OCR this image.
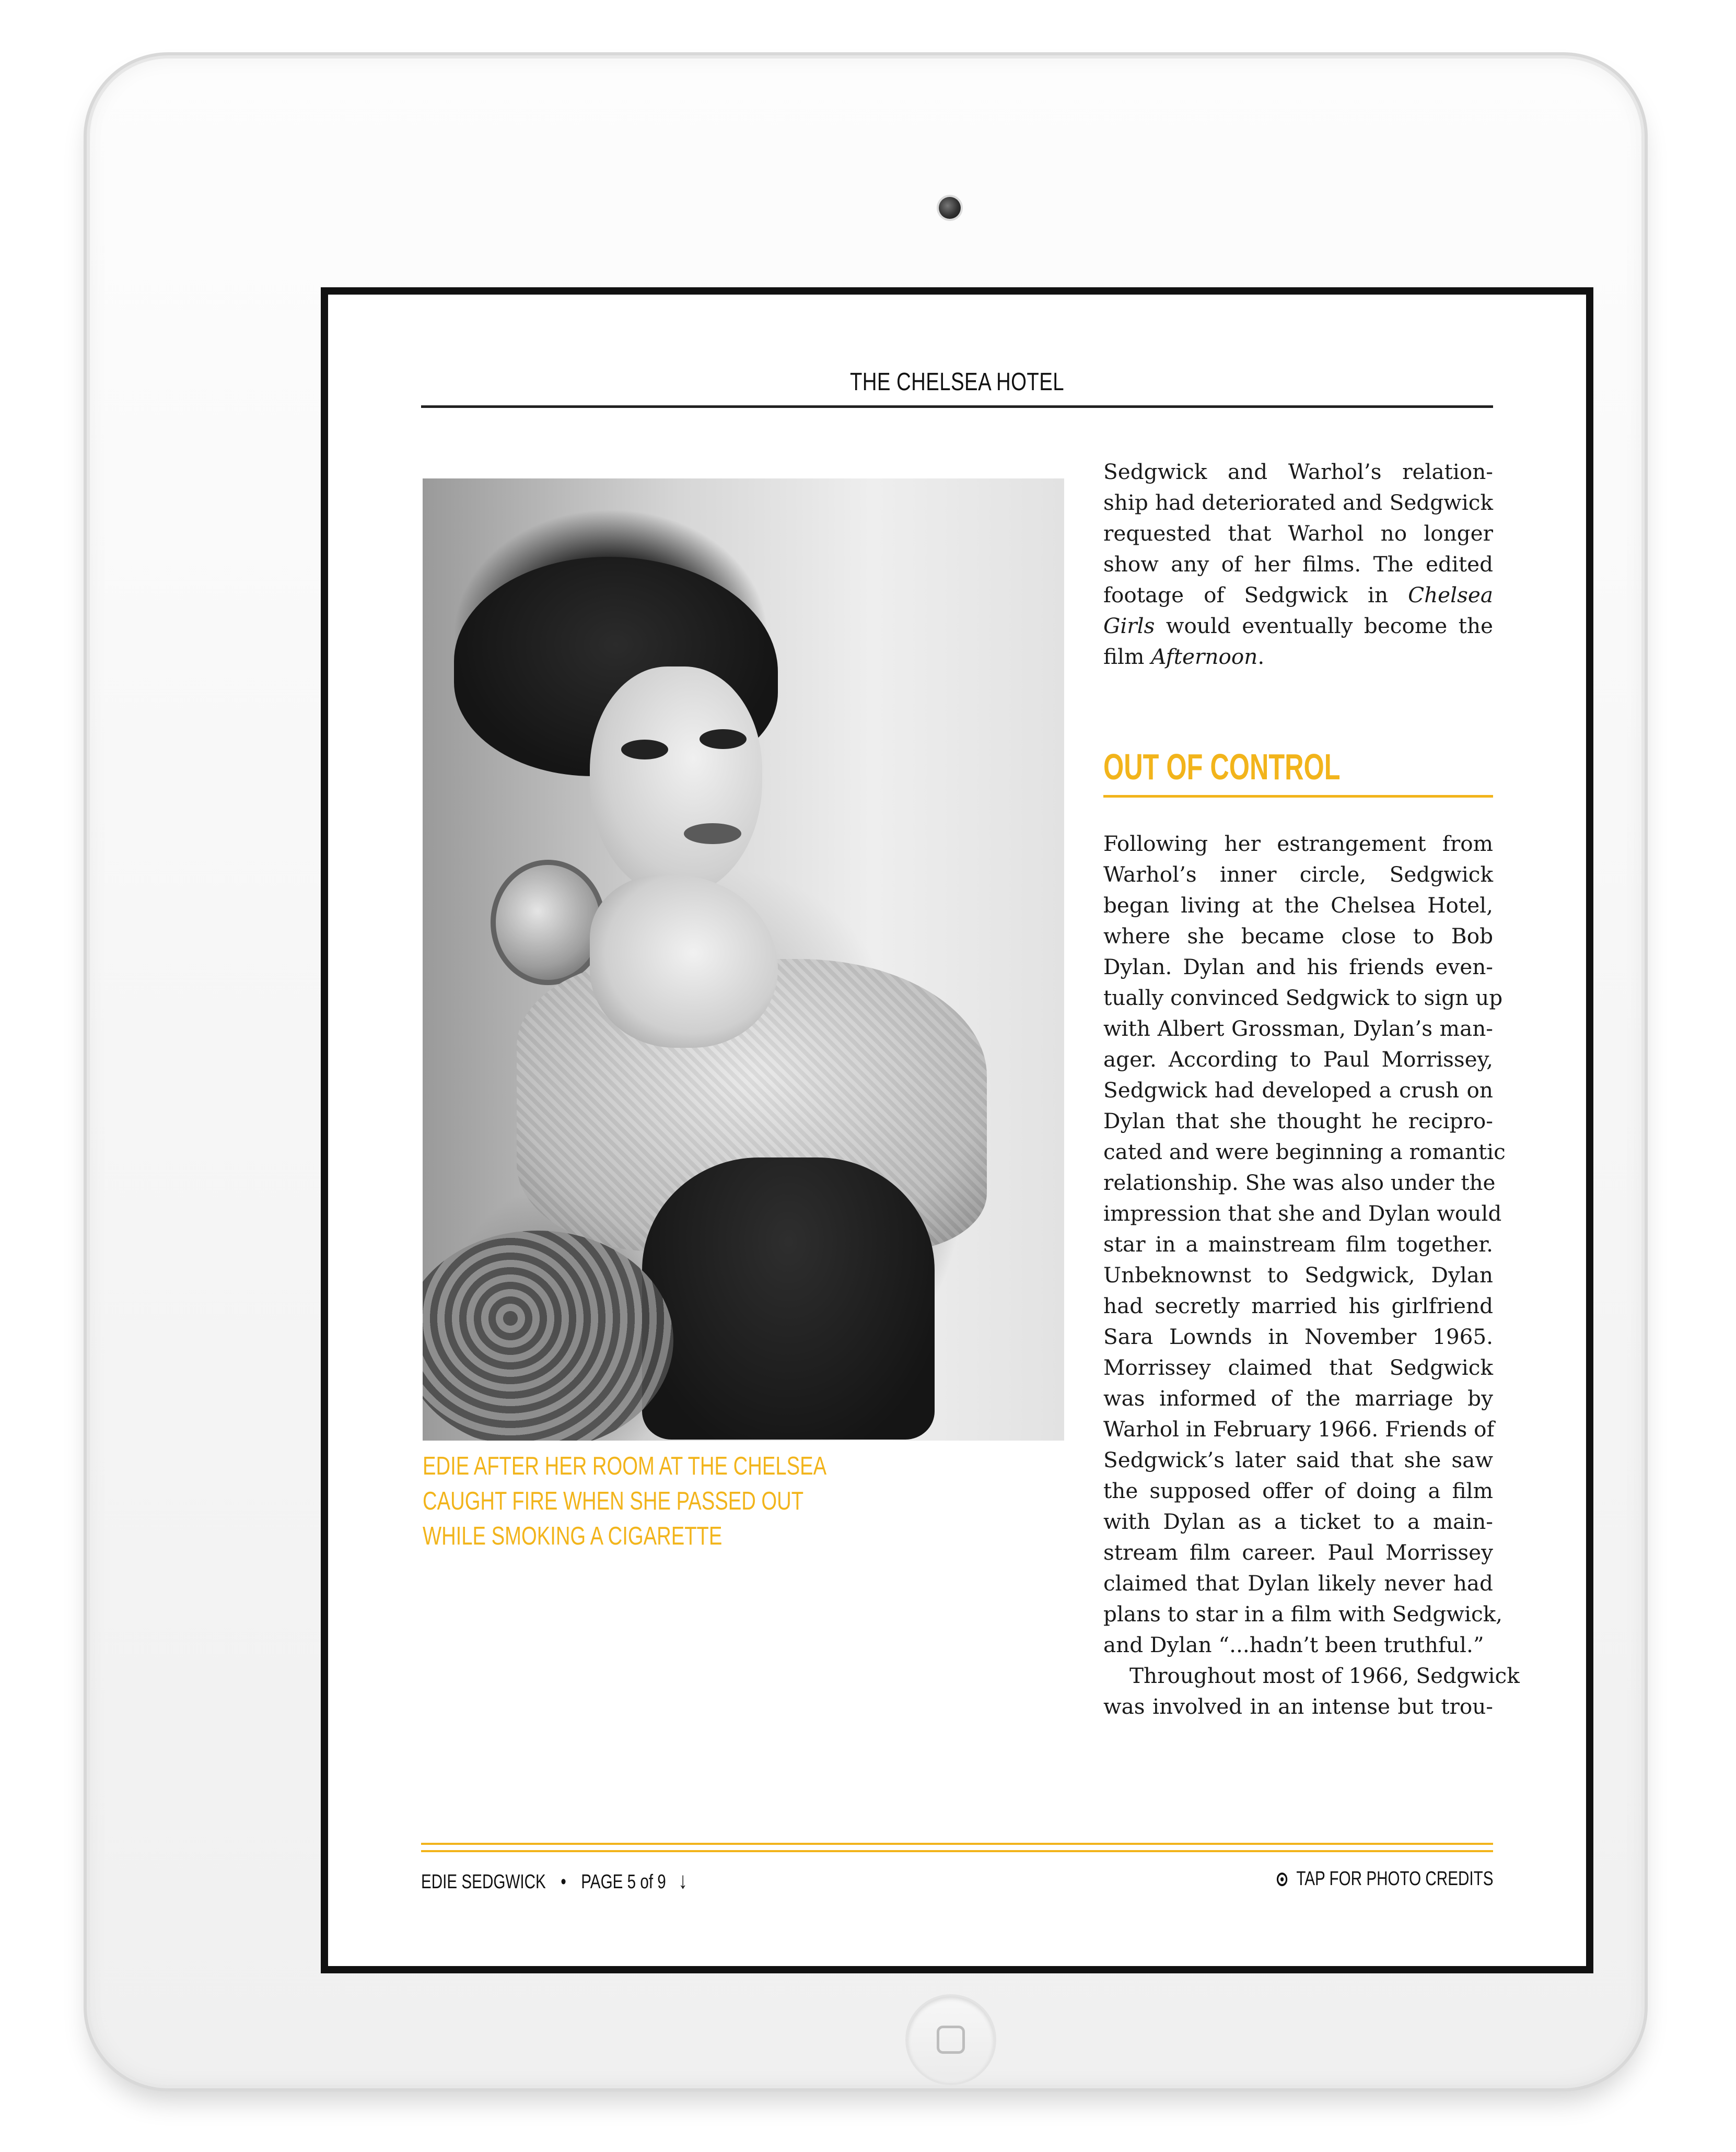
THE CHELSEA HOTEL
EDIE AFTER HER ROOM AT THE CHELSEA
CAUGHT FIRE WHEN SHE PASSED OUT
WHILE SMOKING A CIGARETTE
Sedgwick and Warhol’s relation-
ship had deteriorated and Sedgwick
requested that Warhol no longer
show any of her films. The edited
footage of Sedgwick in Chelsea
Girls would eventually become the
film Afternoon.
OUT OF CONTROL
Following her estrangement from
Warhol’s inner circle, Sedgwick
began living at the Chelsea Hotel,
where she became close to Bob
Dylan. Dylan and his friends even-
tually convinced Sedgwick to sign up
with Albert Grossman, Dylan’s man-
ager. According to Paul Morrissey,
Sedgwick had developed a crush on
Dylan that she thought he recipro-
cated and were beginning a romantic
relationship. She was also under the
impression that she and Dylan would
star in a mainstream film together.
Unbeknownst to Sedgwick, Dylan
had secretly married his girlfriend
Sara Lownds in November 1965.
Morrissey claimed that Sedgwick
was informed of the marriage by
Warhol in February 1966. Friends of
Sedgwick’s later said that she saw
the supposed offer of doing a film
with Dylan as a ticket to a main-
stream film career. Paul Morrissey
claimed that Dylan likely never had
plans to star in a film with Sedgwick,
and Dylan “...hadn’t been truthful.”
Throughout most of 1966, Sedgwick
was involved in an intense but trou-
EDIE SEDGWICK • PAGE 5 of 9 ↓	TAP FOR PHOTO CREDITS
